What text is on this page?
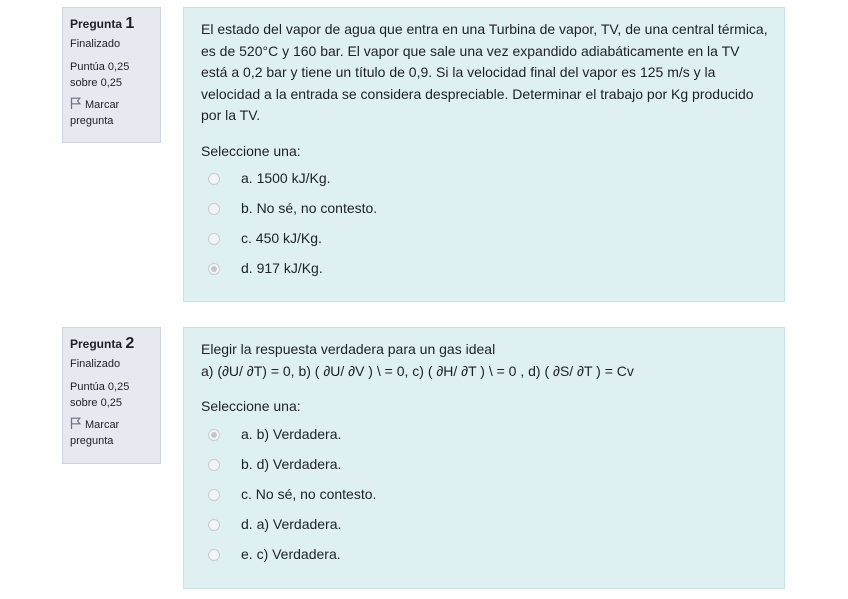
Pregunta 1
Finalizado
Puntúa 0,25 sobre 0,25
Marcar pregunta

El estado del vapor de agua que entra en una Turbina de vapor, TV, de una central térmica, es de 520°C y 160 bar. El vapor que sale una vez expandido adiabáticamente en la TV está a 0,2 bar y tiene un título de 0,9. Si la velocidad final del vapor es 125 m/s y la velocidad a la entrada se considera despreciable. Determinar el trabajo por Kg producido por la TV.

Seleccione una:
a. 1500 kJ/Kg.
b. No sé, no contesto.
c. 450 kJ/Kg.
d. 917 kJ/Kg.
Pregunta 2
Finalizado
Puntúa 0,25 sobre 0,25
Marcar pregunta
Elegir la respuesta verdadera para un gas ideal
a) (∂U/ ∂T) = 0, b) ( ∂U/ ∂V ) \ = 0, c) ( ∂H/ ∂T ) \ = 0 , d) ( ∂S/ ∂T ) = Cv
Seleccione una:
a. b) Verdadera.
b. d) Verdadera.
c. No sé, no contesto.
d. a) Verdadera.
e. c) Verdadera.
